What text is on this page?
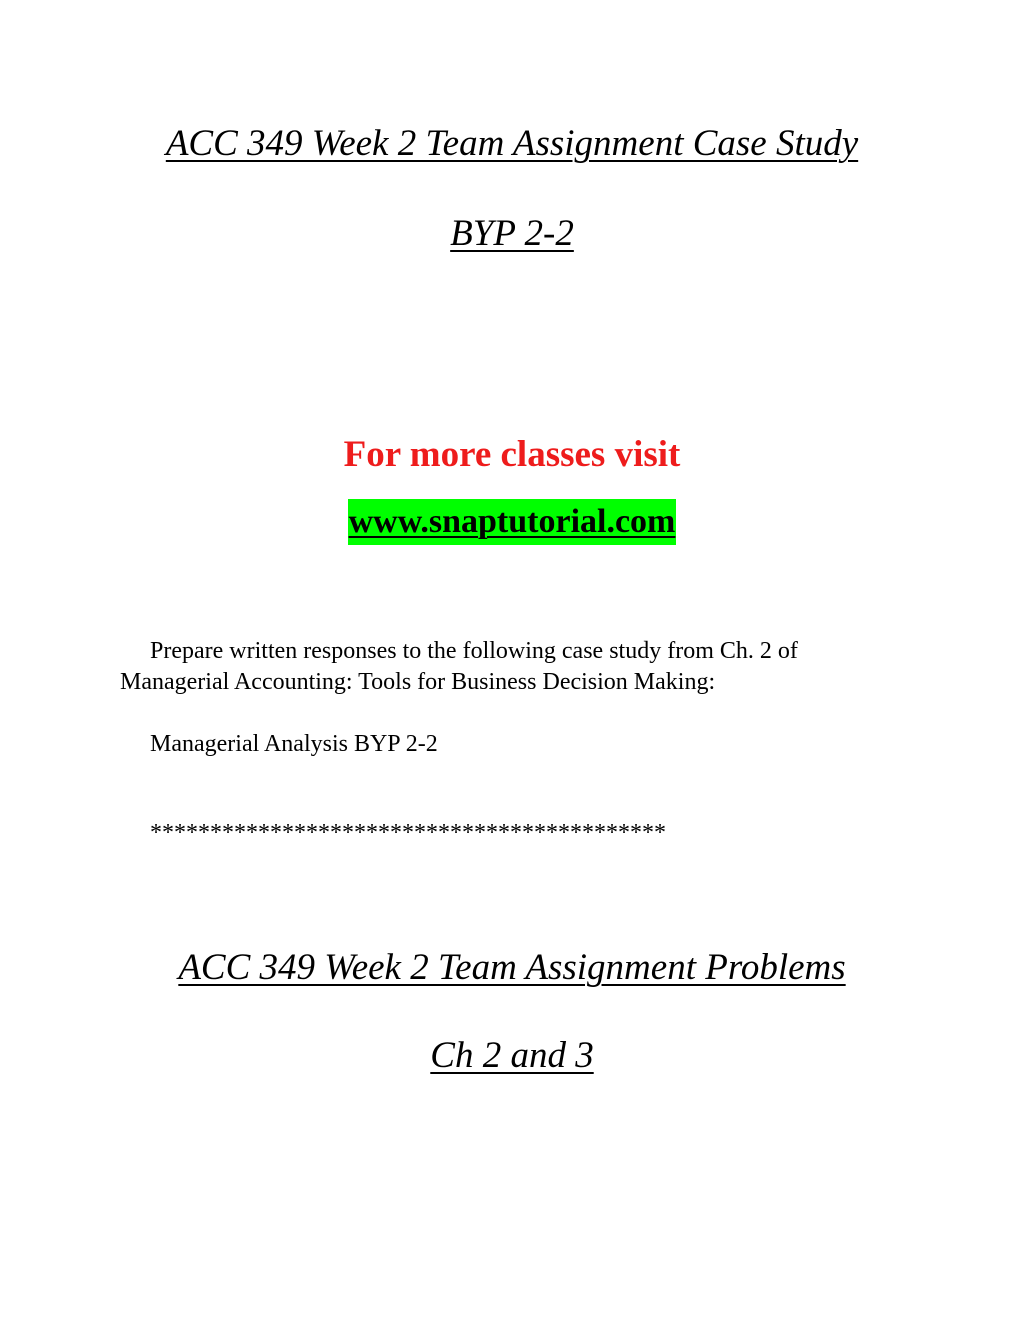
ACC 349 Week 2 Team Assignment Case Study
BYP 2-2
For more classes visit
www.snaptutorial.com
Prepare written responses to the following case study from Ch. 2 of
Managerial Accounting: Tools for Business Decision Making:
Managerial Analysis BYP 2-2
*******************************************
ACC 349 Week 2 Team Assignment Problems
Ch 2 and 3
